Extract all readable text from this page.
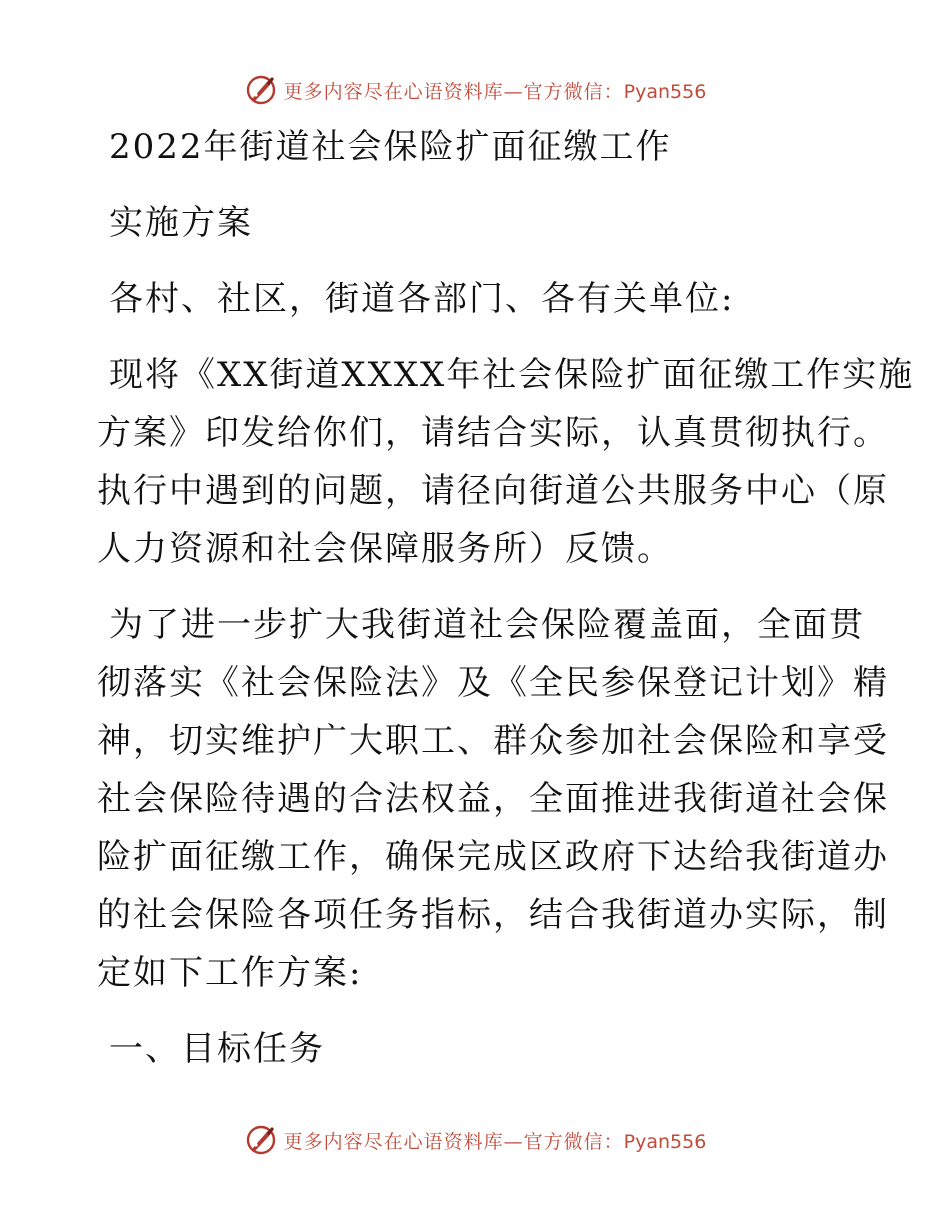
更多内容尽在心语资料库—官方微信：Pyan556
2022年街道社会保险扩面征缴工作
实施方案
各村、社区，街道各部门、各有关单位:
现将《XX街道XXXX年社会保险扩面征缴工作实施
方案》印发给你们，请结合实际，认真贯彻执行。
执行中遇到的问题，请径向街道公共服务中心（原
人力资源和社会保障服务所）反馈。
为了进一步扩大我街道社会保险覆盖面，全面贯
彻落实《社会保险法》及《全民参保登记计划》精
神，切实维护广大职工、群众参加社会保险和享受
社会保险待遇的合法权益，全面推进我街道社会保
险扩面征缴工作，确保完成区政府下达给我街道办
的社会保险各项任务指标，结合我街道办实际，制
定如下工作方案:
一、目标任务
更多内容尽在心语资料库—官方微信：Pyan556
